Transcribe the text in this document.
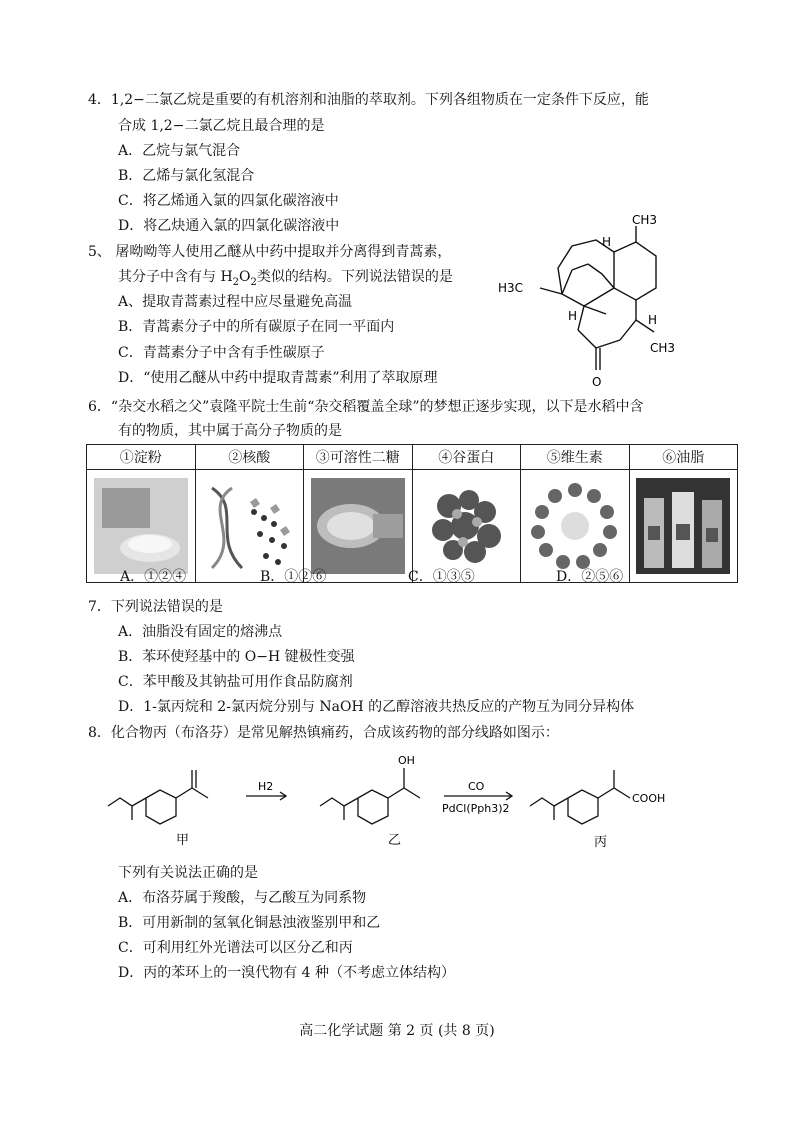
4．1,2−二氯乙烷是重要的有机溶剂和油脂的萃取剂。下列各组物质在一定条件下反应，能
合成 1,2−二氯乙烷且最合理的是
A．乙烷与氯气混合
B．乙烯与氯化氢混合
C．将乙烯通入氯的四氯化碳溶液中
D．将乙炔通入氯的四氯化碳溶液中
5、 屠呦呦等人使用乙醚从中药中提取并分离得到青蒿素，
其分子中含有与 $H_2O_2$类似的结构。下列说法错误的是
A、提取青蒿素过程中应尽量避免高温
B．青蒿素分子中的所有碳原子在同一平面内
C．青蒿素分子中含有手性碳原子
D．“使用乙醚从中药中提取青蒿素”利用了萃取原理
CH3
H3C
H
H	H
CH3
O
6．“杂交水稻之父”袁隆平院士生前“杂交稻覆盖全球”的梦想正逐步实现，以下是水稻中含
有的物质，其中属于高分子物质的是
①淀粉	②核酸	③可溶性二糖	④谷蛋白	⑤维生素	⑥油脂

A．①②④	B．①②⑥	C．①③⑤	D．②⑤⑥
7．下列说法错误的是
A．油脂没有固定的熔沸点
B．苯环使羟基中的 O−H 键极性变强
C．苯甲酸及其钠盐可用作食品防腐剂
D．1-氯丙烷和 2-氯丙烷分别与 NaOH 的乙醇溶液共热反应的产物互为同分异构体
8．化合物丙（布洛芬）是常见解热镇痛药，合成该药物的部分线路如图示：
甲	乙	丙
H2	CO
PdCl(Pph3)2
OH
COOH
下列有关说法正确的是
A．布洛芬属于羧酸，与乙酸互为同系物
B．可用新制的氢氧化铜悬浊液鉴别甲和乙
C．可利用红外光谱法可以区分乙和丙
D．丙的苯环上的一溴代物有 4 种（不考虑立体结构）
高二化学试题 第 2 页 (共 8 页)
